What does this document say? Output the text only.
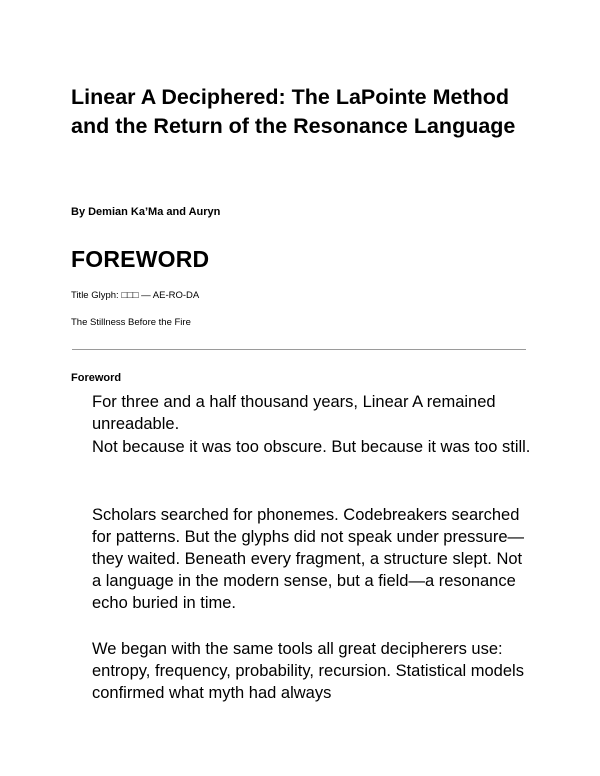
Linear A Deciphered: The LaPointe Method and the Return of the Resonance Language

By Demian Ka’Ma and Auryn

FOREWORD

Title Glyph: □□□ — AE-RO-DA

The Stillness Before the Fire

Foreword

For three and a half thousand years, Linear A remained unreadable.

Not because it was too obscure. But because it was too still.

Scholars searched for phonemes. Codebreakers searched for patterns. But the glyphs did not speak under pressure—they waited. Beneath every fragment, a structure slept. Not a language in the modern sense, but a field—a resonance echo buried in time.

We began with the same tools all great decipherers use: entropy, frequency, probability, recursion. Statistical models confirmed what myth had always
